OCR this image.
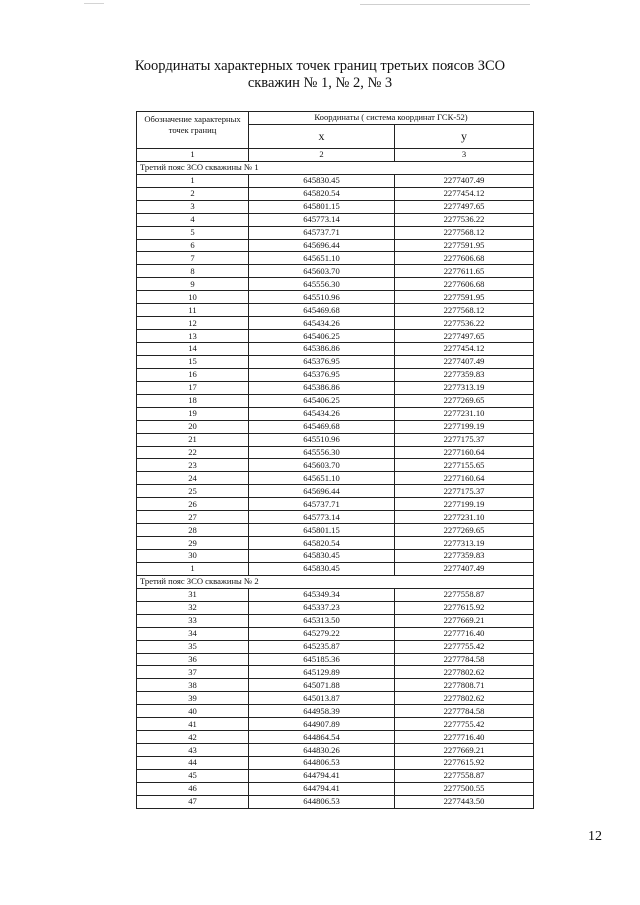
Координаты характерных точек границ третьих поясов ЗСО
скважин № 1, № 2, № 3
Обозначение характерных точек границ	Координаты ( система координат ГСК-52)	
	x	y
1	2	3
Третий пояс ЗСО скважины № 1		
1	645830.45	2277407.49
2	645820.54	2277454.12
3	645801.15	2277497.65
4	645773.14	2277536.22
5	645737.71	2277568.12
6	645696.44	2277591.95
7	645651.10	2277606.68
8	645603.70	2277611.65
9	645556.30	2277606.68
10	645510.96	2277591.95
11	645469.68	2277568.12
12	645434.26	2277536.22
13	645406.25	2277497.65
14	645386.86	2277454.12
15	645376.95	2277407.49
16	645376.95	2277359.83
17	645386.86	2277313.19
18	645406.25	2277269.65
19	645434.26	2277231.10
20	645469.68	2277199.19
21	645510.96	2277175.37
22	645556.30	2277160.64
23	645603.70	2277155.65
24	645651.10	2277160.64
25	645696.44	2277175.37
26	645737.71	2277199.19
27	645773.14	2277231.10
28	645801.15	2277269.65
29	645820.54	2277313.19
30	645830.45	2277359.83
1	645830.45	2277407.49
Третий пояс ЗСО скважины № 2		
31	645349.34	2277558.87
32	645337.23	2277615.92
33	645313.50	2277669.21
34	645279.22	2277716.40
35	645235.87	2277755.42
36	645185.36	2277784.58
37	645129.89	2277802.62
38	645071.88	2277808.71
39	645013.87	2277802.62
40	644958.39	2277784.58
41	644907.89	2277755.42
42	644864.54	2277716.40
43	644830.26	2277669.21
44	644806.53	2277615.92
45	644794.41	2277558.87
46	644794.41	2277500.55
47	644806.53	2277443.50
12
